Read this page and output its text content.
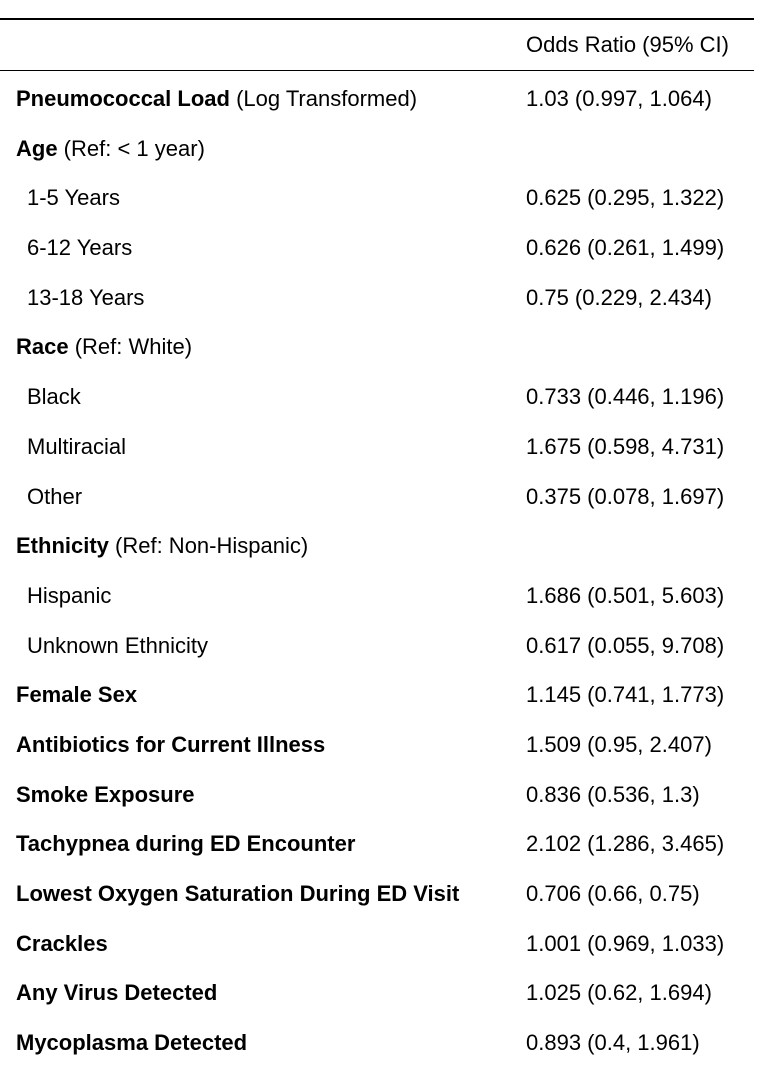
Odds Ratio (95% CI)
Pneumococcal Load (Log Transformed)	1.03 (0.997, 1.064)
Age (Ref: < 1 year)
1-5 Years	0.625 (0.295, 1.322)
6-12 Years	0.626 (0.261, 1.499)
13-18 Years	0.75 (0.229, 2.434)
Race (Ref: White)
Black	0.733 (0.446, 1.196)
Multiracial	1.675 (0.598, 4.731)
Other	0.375 (0.078, 1.697)
Ethnicity (Ref: Non-Hispanic)
Hispanic	1.686 (0.501, 5.603)
Unknown Ethnicity	0.617 (0.055, 9.708)
Female Sex	1.145 (0.741, 1.773)
Antibiotics for Current Illness	1.509 (0.95, 2.407)
Smoke Exposure	0.836 (0.536, 1.3)
Tachypnea during ED Encounter	2.102 (1.286, 3.465)
Lowest Oxygen Saturation During ED Visit	0.706 (0.66, 0.75)
Crackles	1.001 (0.969, 1.033)
Any Virus Detected	1.025 (0.62, 1.694)
Mycoplasma Detected	0.893 (0.4, 1.961)
